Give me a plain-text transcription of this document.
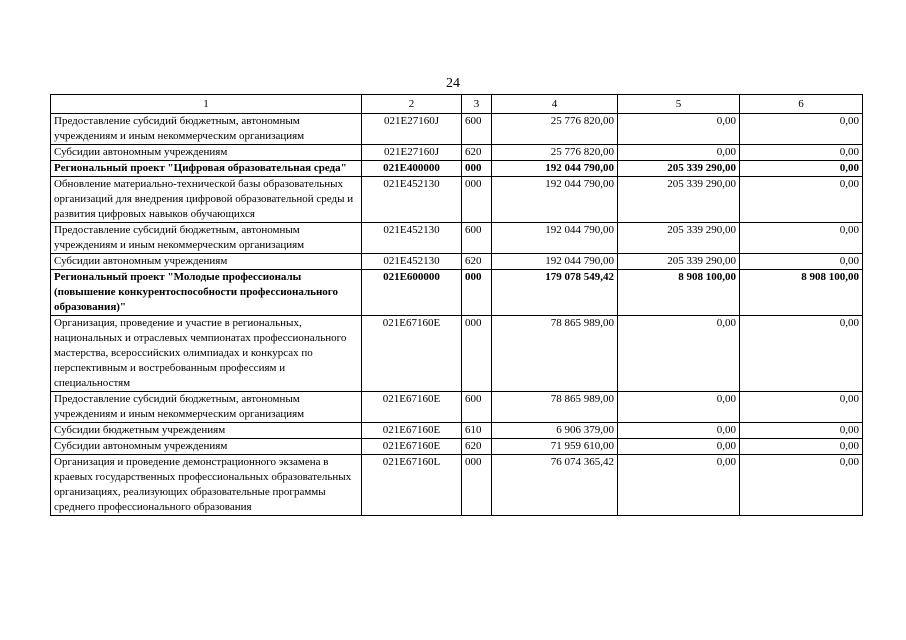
24
1	2	3	4	5	6
Предоставление субсидий бюджетным, автономным учреждениям и иным некоммерческим организациям	021E27160J	600	25 776 820,00	0,00	0,00
Субсидии автономным учреждениям	021E27160J	620	25 776 820,00	0,00	0,00
Региональный проект "Цифровая образовательная среда"	021E400000	000	192 044 790,00	205 339 290,00	0,00
Обновление материально-технической базы образовательных организаций для внедрения цифровой образовательной среды и развития цифровых навыков обучающихся	021E452130	000	192 044 790,00	205 339 290,00	0,00
Предоставление субсидий бюджетным, автономным учреждениям и иным некоммерческим организациям	021E452130	600	192 044 790,00	205 339 290,00	0,00
Субсидии автономным учреждениям	021E452130	620	192 044 790,00	205 339 290,00	0,00
Региональный проект "Молодые профессионалы (повышение конкурентоспособности профессионального образования)"	021E600000	000	179 078 549,42	8 908 100,00	8 908 100,00
Организация, проведение и участие в региональных, национальных и отраслевых чемпионатах профессионального мастерства, всероссийских олимпиадах и конкурсах по перспективным и востребованным профессиям и специальностям	021E67160E	000	78 865 989,00	0,00	0,00
Предоставление субсидий бюджетным, автономным учреждениям и иным некоммерческим организациям	021E67160E	600	78 865 989,00	0,00	0,00
Субсидии бюджетным учреждениям	021E67160E	610	6 906 379,00	0,00	0,00
Субсидии автономным учреждениям	021E67160E	620	71 959 610,00	0,00	0,00
Организация и проведение демонстрационного экзамена в краевых государственных профессиональных образовательных организациях, реализующих образовательные программы среднего профессионального образования	021E67160L	000	76 074 365,42	0,00	0,00
